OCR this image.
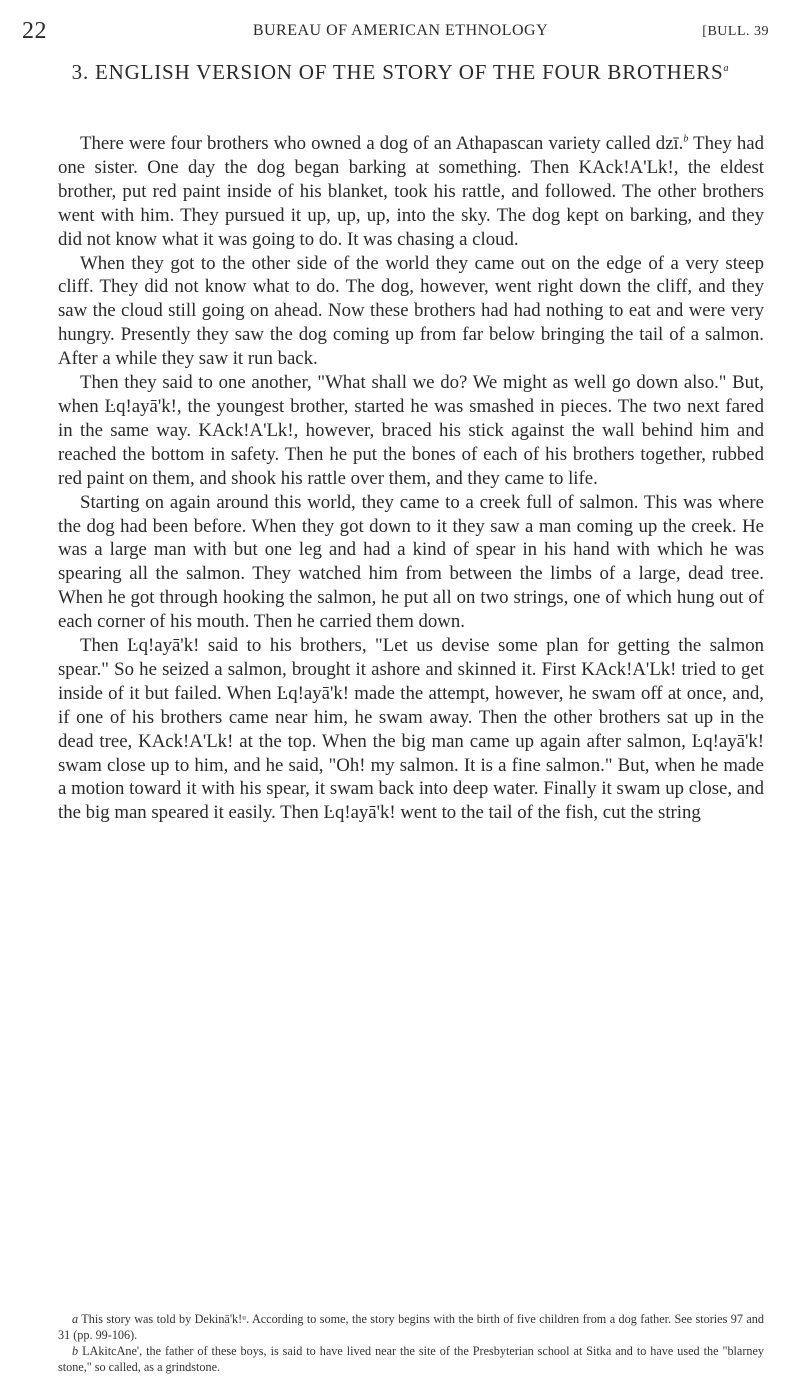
22	BUREAU OF AMERICAN ETHNOLOGY	[BULL. 39
3. ENGLISH VERSION OF THE STORY OF THE FOUR BROTHERS$^a$

There were four brothers who owned a dog of an Athapascan variety called dzī.$^b$ They had one sister. One day the dog began barking at something. Then KAck!A'Lk!, the eldest brother, put red paint inside of his blanket, took his rattle, and followed. The other brothers went with him. They pursued it up, up, up, into the sky. The dog kept on barking, and they did not know what it was going to do. It was chasing a cloud.

When they got to the other side of the world they came out on the edge of a very steep cliff. They did not know what to do. The dog, however, went right down the cliff, and they saw the cloud still going on ahead. Now these brothers had had nothing to eat and were very hungry. Presently they saw the dog coming up from far below bringing the tail of a salmon. After a while they saw it run back.

Then they said to one another, "What shall we do? We might as well go down also." But, when Ŀq!ayā'k!, the youngest brother, started he was smashed in pieces. The two next fared in the same way. KAck!A'Lk!, however, braced his stick against the wall behind him and reached the bottom in safety. Then he put the bones of each of his brothers together, rubbed red paint on them, and shook his rattle over them, and they came to life.

Starting on again around this world, they came to a creek full of salmon. This was where the dog had been before. When they got down to it they saw a man coming up the creek. He was a large man with but one leg and had a kind of spear in his hand with which he was spearing all the salmon. They watched him from between the limbs of a large, dead tree. When he got through hooking the salmon, he put all on two strings, one of which hung out of each corner of his mouth. Then he carried them down.

Then Ŀq!ayā'k! said to his brothers, "Let us devise some plan for getting the salmon spear." So he seized a salmon, brought it ashore and skinned it. First KAck!A'Lk! tried to get inside of it but failed. When Ŀq!ayā'k! made the attempt, however, he swam off at once, and, if one of his brothers came near him, he swam away. Then the other brothers sat up in the dead tree, KAck!A'Lk! at the top. When the big man came up again after salmon, Ŀq!ayā'k! swam close up to him, and he said, "Oh! my salmon. It is a fine salmon." But, when he made a motion toward it with his spear, it swam back into deep water. Finally it swam up close, and the big man speared it easily. Then Ŀq!ayā'k! went to the tail of the fish, cut the string

a This story was told by Dekinā'k!ᵘ. According to some, the story begins with the birth of five children from a dog father. See stories 97 and 31 (pp. 99-106).

b LAkitcAne', the father of these boys, is said to have lived near the site of the Presbyterian school at Sitka and to have used the "blarney stone," so called, as a grindstone.
